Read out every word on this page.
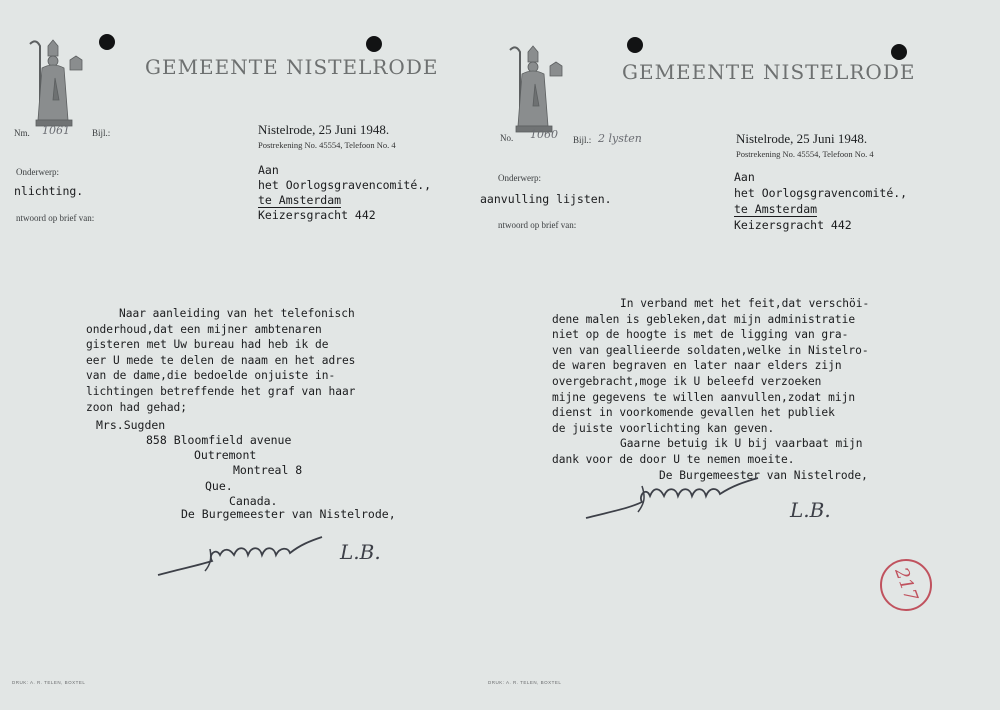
GEMEENTE NISTELRODE
Nm. 1061 Bijl.:	Nistelrode, 25 Juni 1948.
Postrekening No. 45554, Telefoon No. 4
Onderwerp:
nlichting.
ntwoord op brief van:
Aan
het Oorlogsgravencomité.,
te Amsterdam
Keizersgracht 442
Naar aanleiding van het telefonisch
onderhoud,dat een mijner ambtenaren
gisteren met Uw bureau had heb ik de
eer U mede te delen de naam en het adres
van de dame,die bedoelde onjuiste in-
lichtingen betreffende het graf van haar
zoon had gehad;
Mrs.Sugden
858 Bloomfield avenue
Outremont
Montreal 8
Que.
Canada.
De Burgemeester van Nistelrode,
L.B.
DRUK: A. R. TELEN, BOXTEL
GEMEENTE NISTELRODE
No. 1060 Bijl.: 2 lysten	Nistelrode, 25 Juni 1948.
Postrekening No. 45554, Telefoon No. 4
Onderwerp:
aanvulling lijsten.
ntwoord op brief van:
Aan
het Oorlogsgravencomité.,
te Amsterdam
Keizersgracht 442
In verband met het feit,dat verschöi-
dene malen is gebleken,dat mijn administratie
niet op de hoogte is met de ligging van gra-
ven van geallieerde soldaten,welke in Nistelro-
de waren begraven en later naar elders zijn
overgebracht,moge ik U beleefd verzoeken
mijne gegevens te willen aanvullen,zodat mijn
dienst in voorkomende gevallen het publiek
de juiste voorlichting kan geven.
Gaarne betuig ik U bij vaarbaat mijn
dank voor de door U te nemen moeite.
De Burgemeester van Nistelrode,
L.B.
217
DRUK: A. R. TELEN, BOXTEL
